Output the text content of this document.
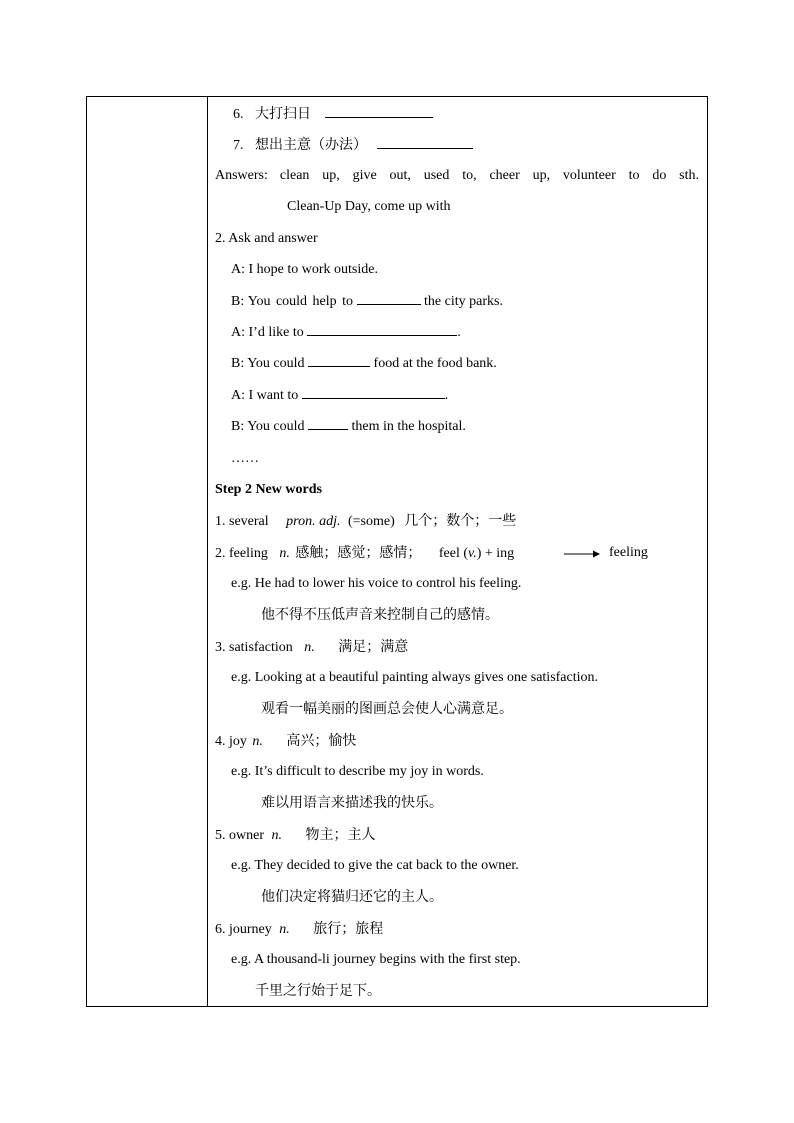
6. 大打扫日
7. 想出主意（办法）
Answers: clean up, give out, used to, cheer up, volunteer to do sth.
Clean-Up Day, come up with
2. Ask and answer
A: I hope to work outside.
B: You could help to	the city parks.
A: I’d like to	.
B: You could	food at the food bank.
A: I want to	.
B: You could	them in the hospital.
……
Step 2 New words
1. several pron. adj. (=some) 几个；数个；一些
2. feeling n. 感触；感觉；感情； feel (v.) + ing	feeling
e.g. He had to lower his voice to control his feeling.
他不得不压低声音来控制自己的感情。
3. satisfaction n. 满足；满意
e.g. Looking at a beautiful painting always gives one satisfaction.
观看一幅美丽的图画总会使人心满意足。
4. joy n. 高兴；愉快
e.g. It’s difficult to describe my joy in words.
难以用语言来描述我的快乐。
5. owner n. 物主；主人
e.g. They decided to give the cat back to the owner.
他们决定将猫归还它的主人。
6. journey n. 旅行；旅程
e.g. A thousand-li journey begins with the first step.
千里之行始于足下。
